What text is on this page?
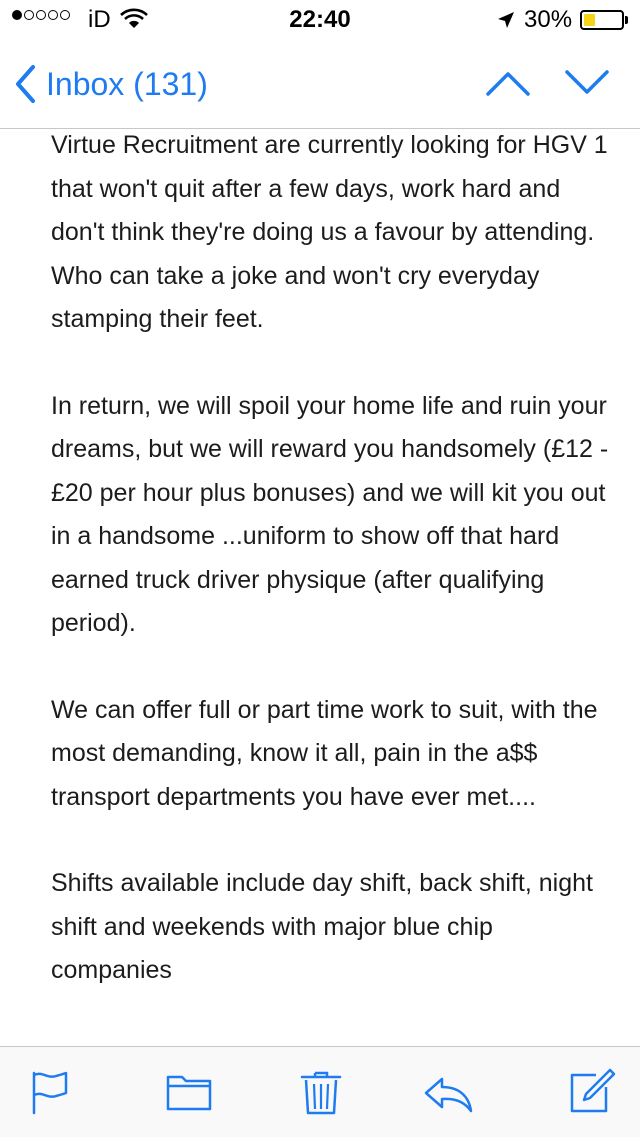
iD	22:40	30%
Inbox (131)

Virtue Recruitment are currently looking for HGV 1 that won't quit after a few days, work hard and don't think they're doing us a favour by attending. Who can take a joke and won't cry everyday stamping their feet.

In return, we will spoil your home life and ruin your dreams, but we will reward you handsomely (£12 - £20 per hour plus bonuses) and we will kit you out in a handsome ...uniform to show off that hard earned truck driver physique (after qualifying period).

We can offer full or part time work to suit, with the most demanding, know it all, pain in the a$$ transport departments you have ever met....

Shifts available include day shift, back shift, night shift and weekends with major blue chip companies
